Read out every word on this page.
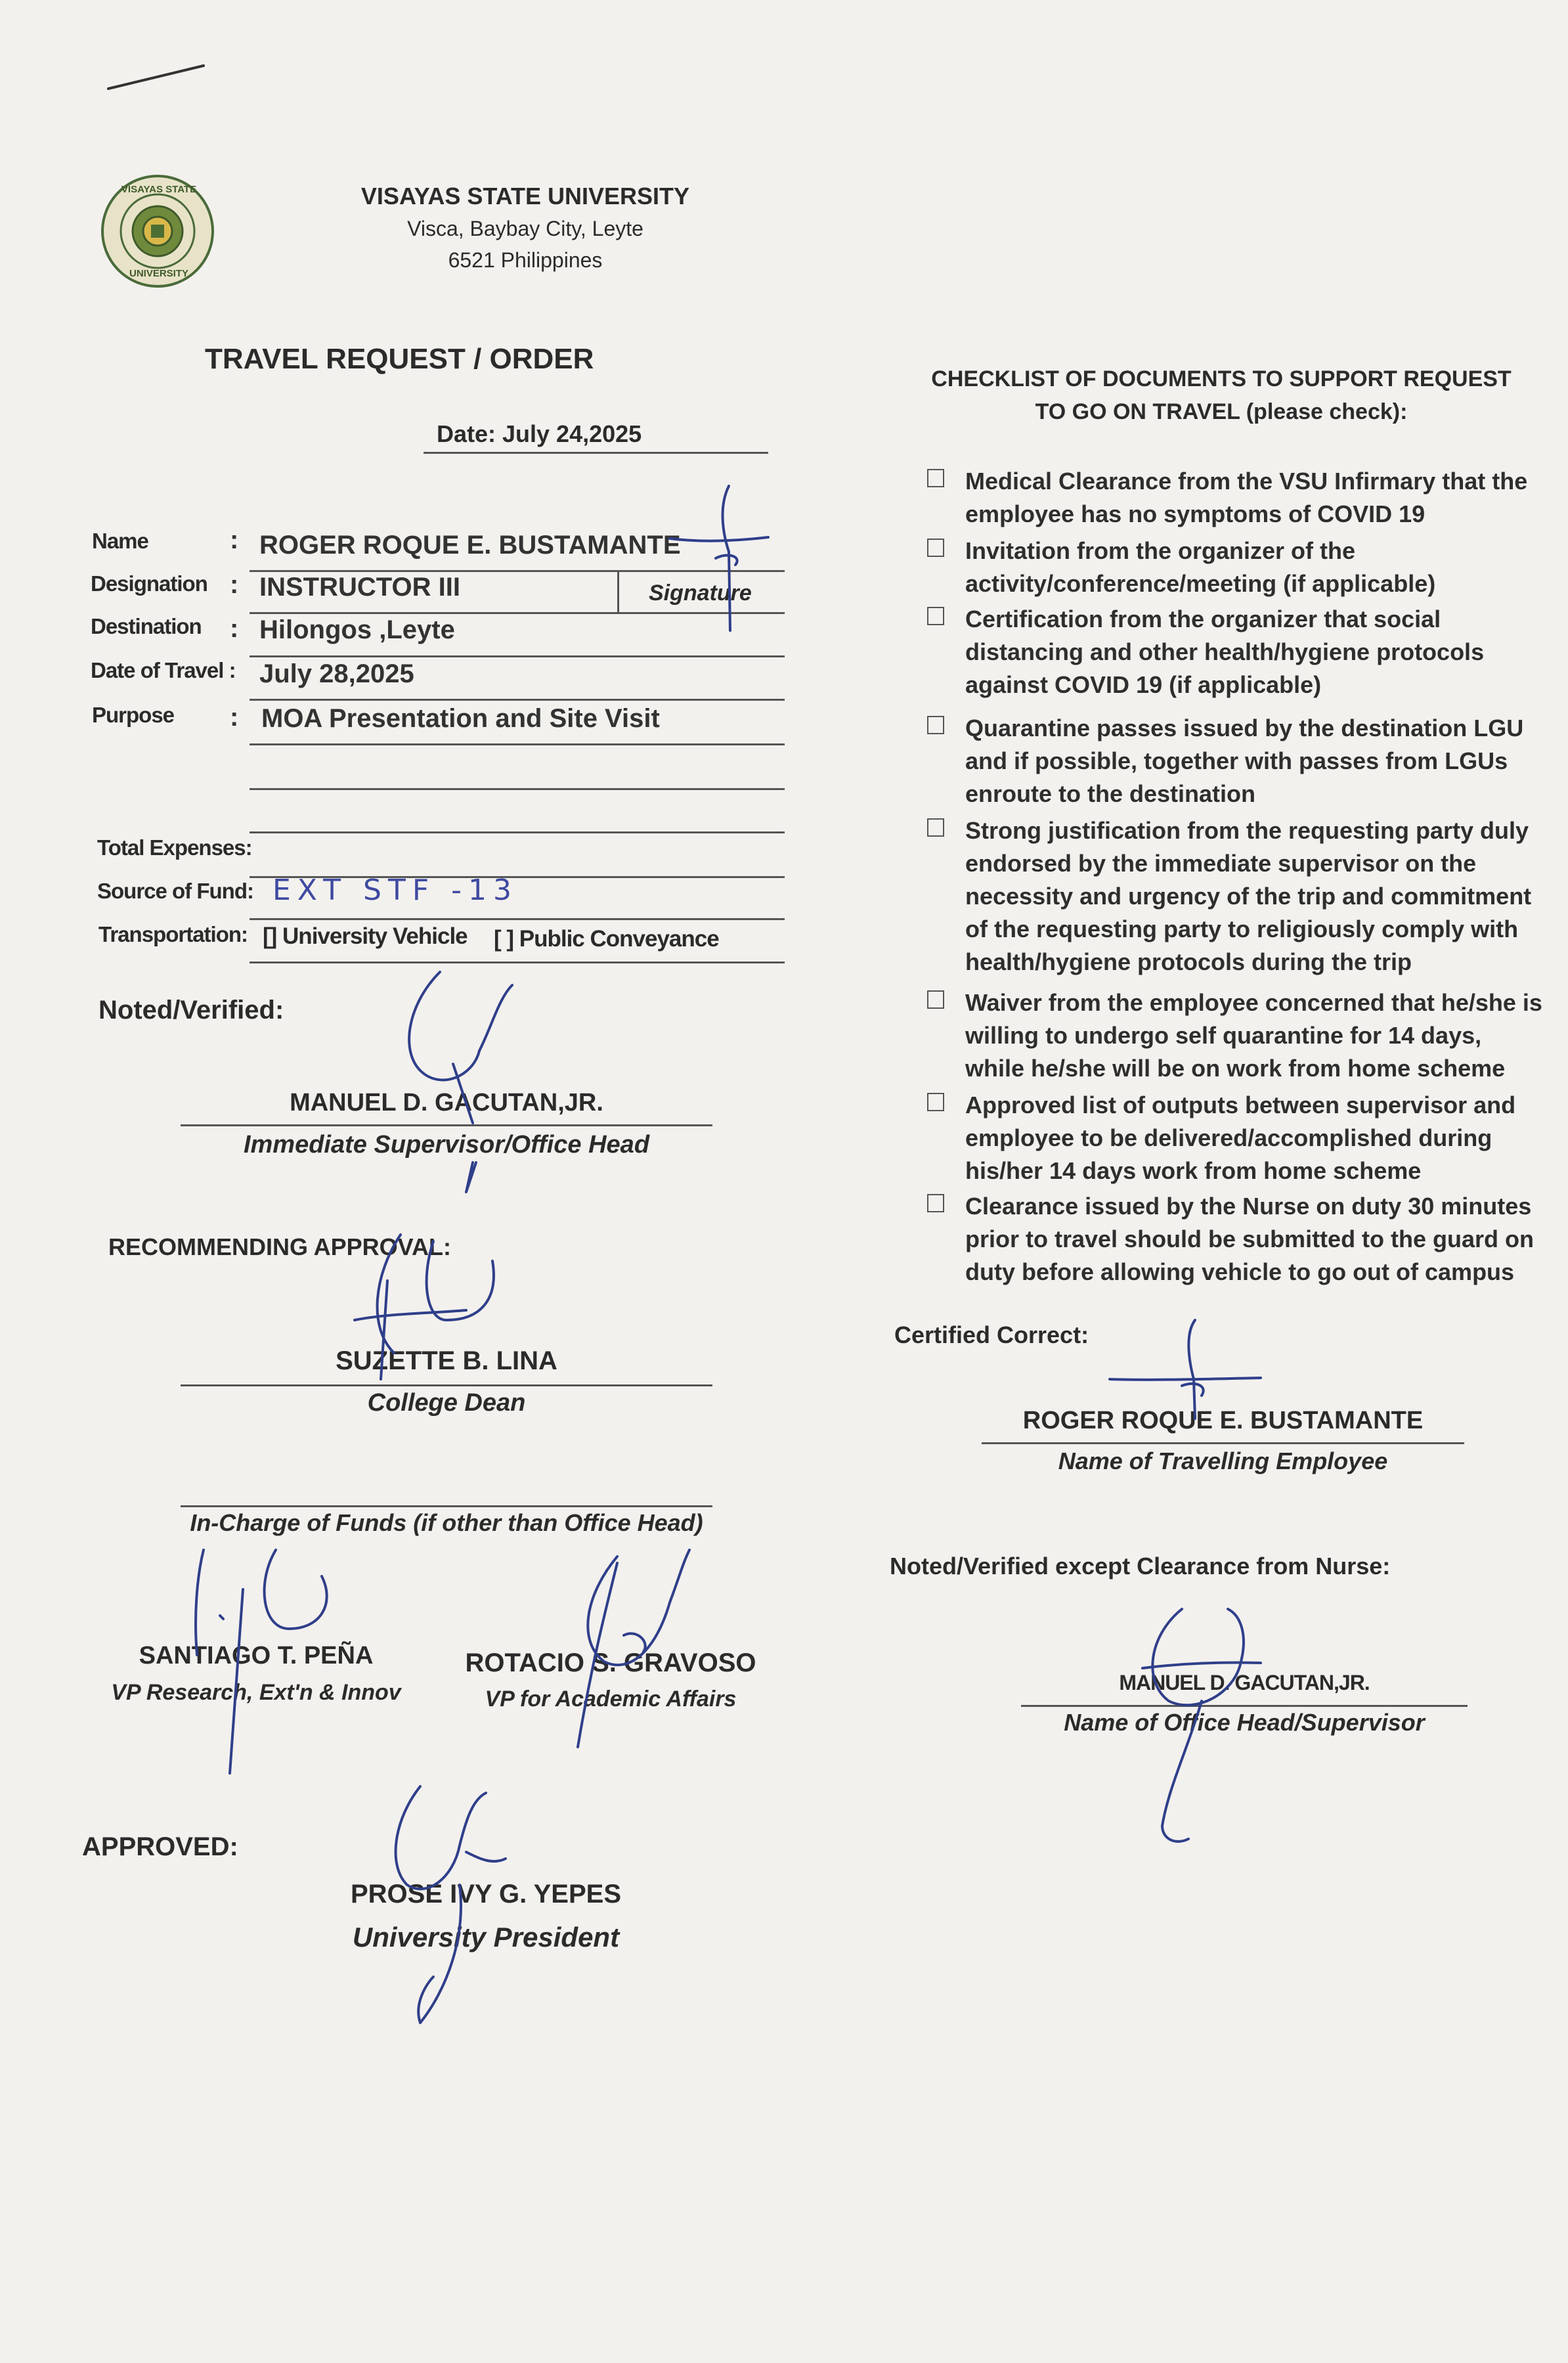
VISAYAS STATE
UNIVERSITY
VISAYAS STATE UNIVERSITY
Visca, Baybay City, Leyte
6521 Philippines
TRAVEL REQUEST / ORDER
Date: July 24,2025
Name	: ROGER ROQUE E. BUSTAMANTE
Designation : INSTRUCTOR III	Signature
Destination : Hilongos ,Leyte
Date of Travel : July 28,2025
Purpose : MOA Presentation and Site Visit
Total Expenses:
Source of Fund: EXT STF -13
Transportation: [] University Vehicle [ ] Public Conveyance
Noted/Verified:
MANUEL D. GACUTAN,JR.
Immediate Supervisor/Office Head
RECOMMENDING APPROVAL:
SUZETTE B. LINA
College Dean
In-Charge of Funds (if other than Office Head)
SANTIAGO T. PEÑA
VP Research, Ext'n & Innov
ROTACIO S. GRAVOSO
VP for Academic Affairs
APPROVED:
PROSE IVY G. YEPES
University President
CHECKLIST OF DOCUMENTS TO SUPPORT REQUEST
TO GO ON TRAVEL (please check):
Medical Clearance from the VSU Infirmary that the employee has no symptoms of COVID 19
Invitation from the organizer of the activity/conference/meeting (if applicable)
Certification from the organizer that social distancing and other health/hygiene protocols against COVID 19 (if applicable)
Quarantine passes issued by the destination LGU and if possible, together with passes from LGUs enroute to the destination
Strong justification from the requesting party duly endorsed by the immediate supervisor on the necessity and urgency of the trip and commitment of the requesting party to religiously comply with health/hygiene protocols during the trip
Waiver from the employee concerned that he/she is willing to undergo self quarantine for 14 days, while he/she will be on work from home scheme
Approved list of outputs between supervisor and employee to be delivered/accomplished during his/her 14 days work from home scheme
Clearance issued by the Nurse on duty 30 minutes prior to travel should be submitted to the guard on duty before allowing vehicle to go out of campus
Certified Correct:
ROGER ROQUE E. BUSTAMANTE
Name of Travelling Employee
Noted/Verified except Clearance from Nurse:
MANUEL D. GACUTAN,JR.
Name of Office Head/Supervisor
